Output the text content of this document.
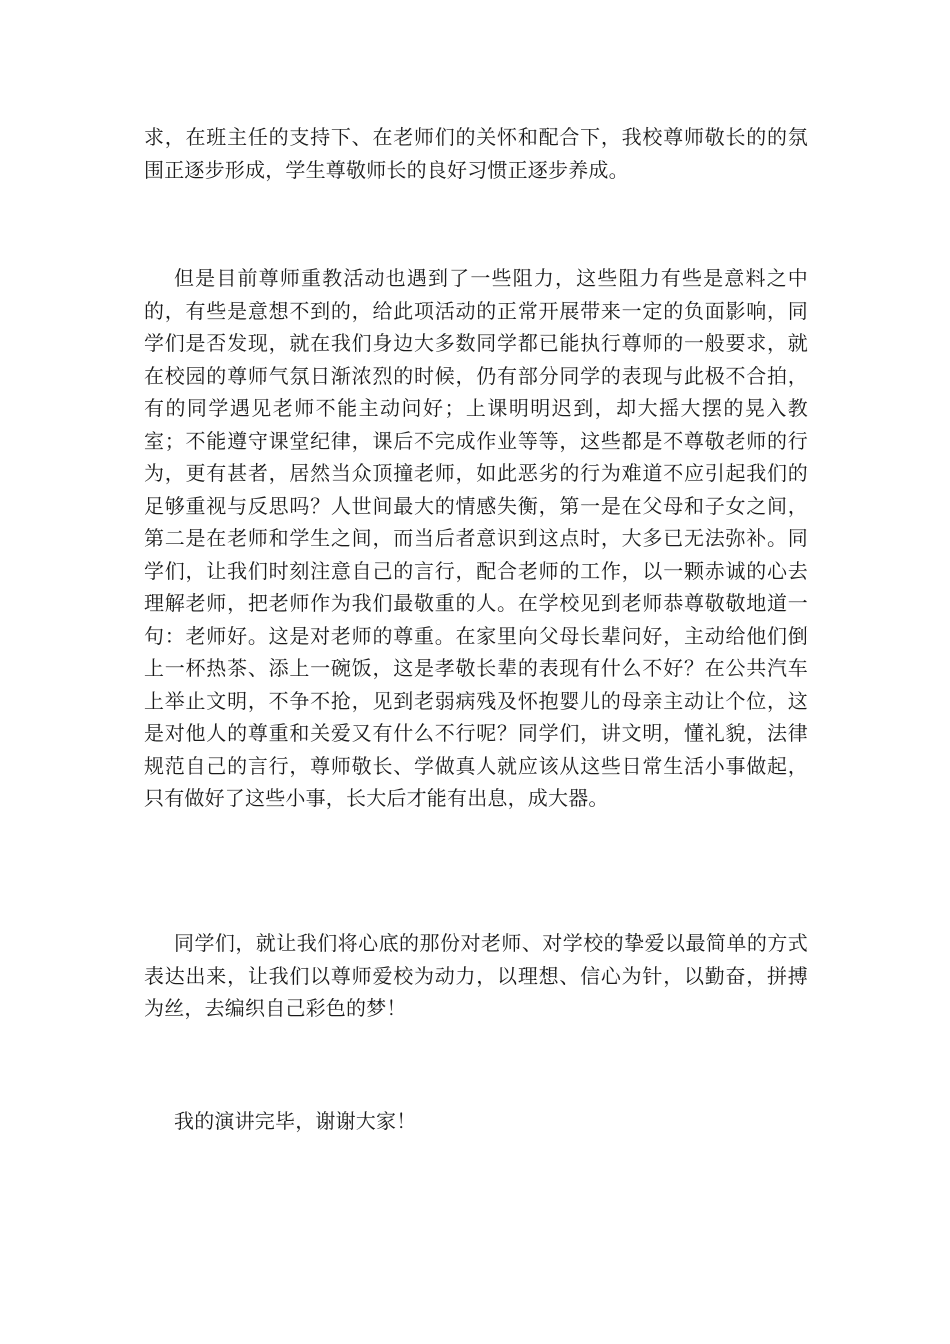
求，在班主任的支持下、在老师们的关怀和配合下，我校尊师敬长的的氛围正逐步形成，学生尊敬师长的良好习惯正逐步养成。

但是目前尊师重教活动也遇到了一些阻力，这些阻力有些是意料之中的，有些是意想不到的，给此项活动的正常开展带来一定的负面影响，同学们是否发现，就在我们身边大多数同学都已能执行尊师的一般要求，就在校园的尊师气氛日渐浓烈的时候，仍有部分同学的表现与此极不合拍，有的同学遇见老师不能主动问好；上课明明迟到，却大摇大摆的晃入教室；不能遵守课堂纪律，课后不完成作业等等，这些都是不尊敬老师的行为，更有甚者，居然当众顶撞老师，如此恶劣的行为难道不应引起我们的足够重视与反思吗？人世间最大的情感失衡，第一是在父母和子女之间，第二是在老师和学生之间，而当后者意识到这点时，大多已无法弥补。同学们，让我们时刻注意自己的言行，配合老师的工作，以一颗赤诚的心去理解老师，把老师作为我们最敬重的人。在学校见到老师恭尊敬敬地道一句：老师好。这是对老师的尊重。在家里向父母长辈问好，主动给他们倒上一杯热茶、添上一碗饭，这是孝敬长辈的表现有什么不好？在公共汽车上举止文明，不争不抢，见到老弱病残及怀抱婴儿的母亲主动让个位，这是对他人的尊重和关爱又有什么不行呢？同学们，讲文明，懂礼貌，法律规范自己的言行，尊师敬长、学做真人就应该从这些日常生活小事做起，只有做好了这些小事，长大后才能有出息，成大器。

同学们，就让我们将心底的那份对老师、对学校的挚爱以最简单的方式表达出来，让我们以尊师爱校为动力，以理想、信心为针，以勤奋，拼搏为丝，去编织自己彩色的梦！

我的演讲完毕，谢谢大家！
